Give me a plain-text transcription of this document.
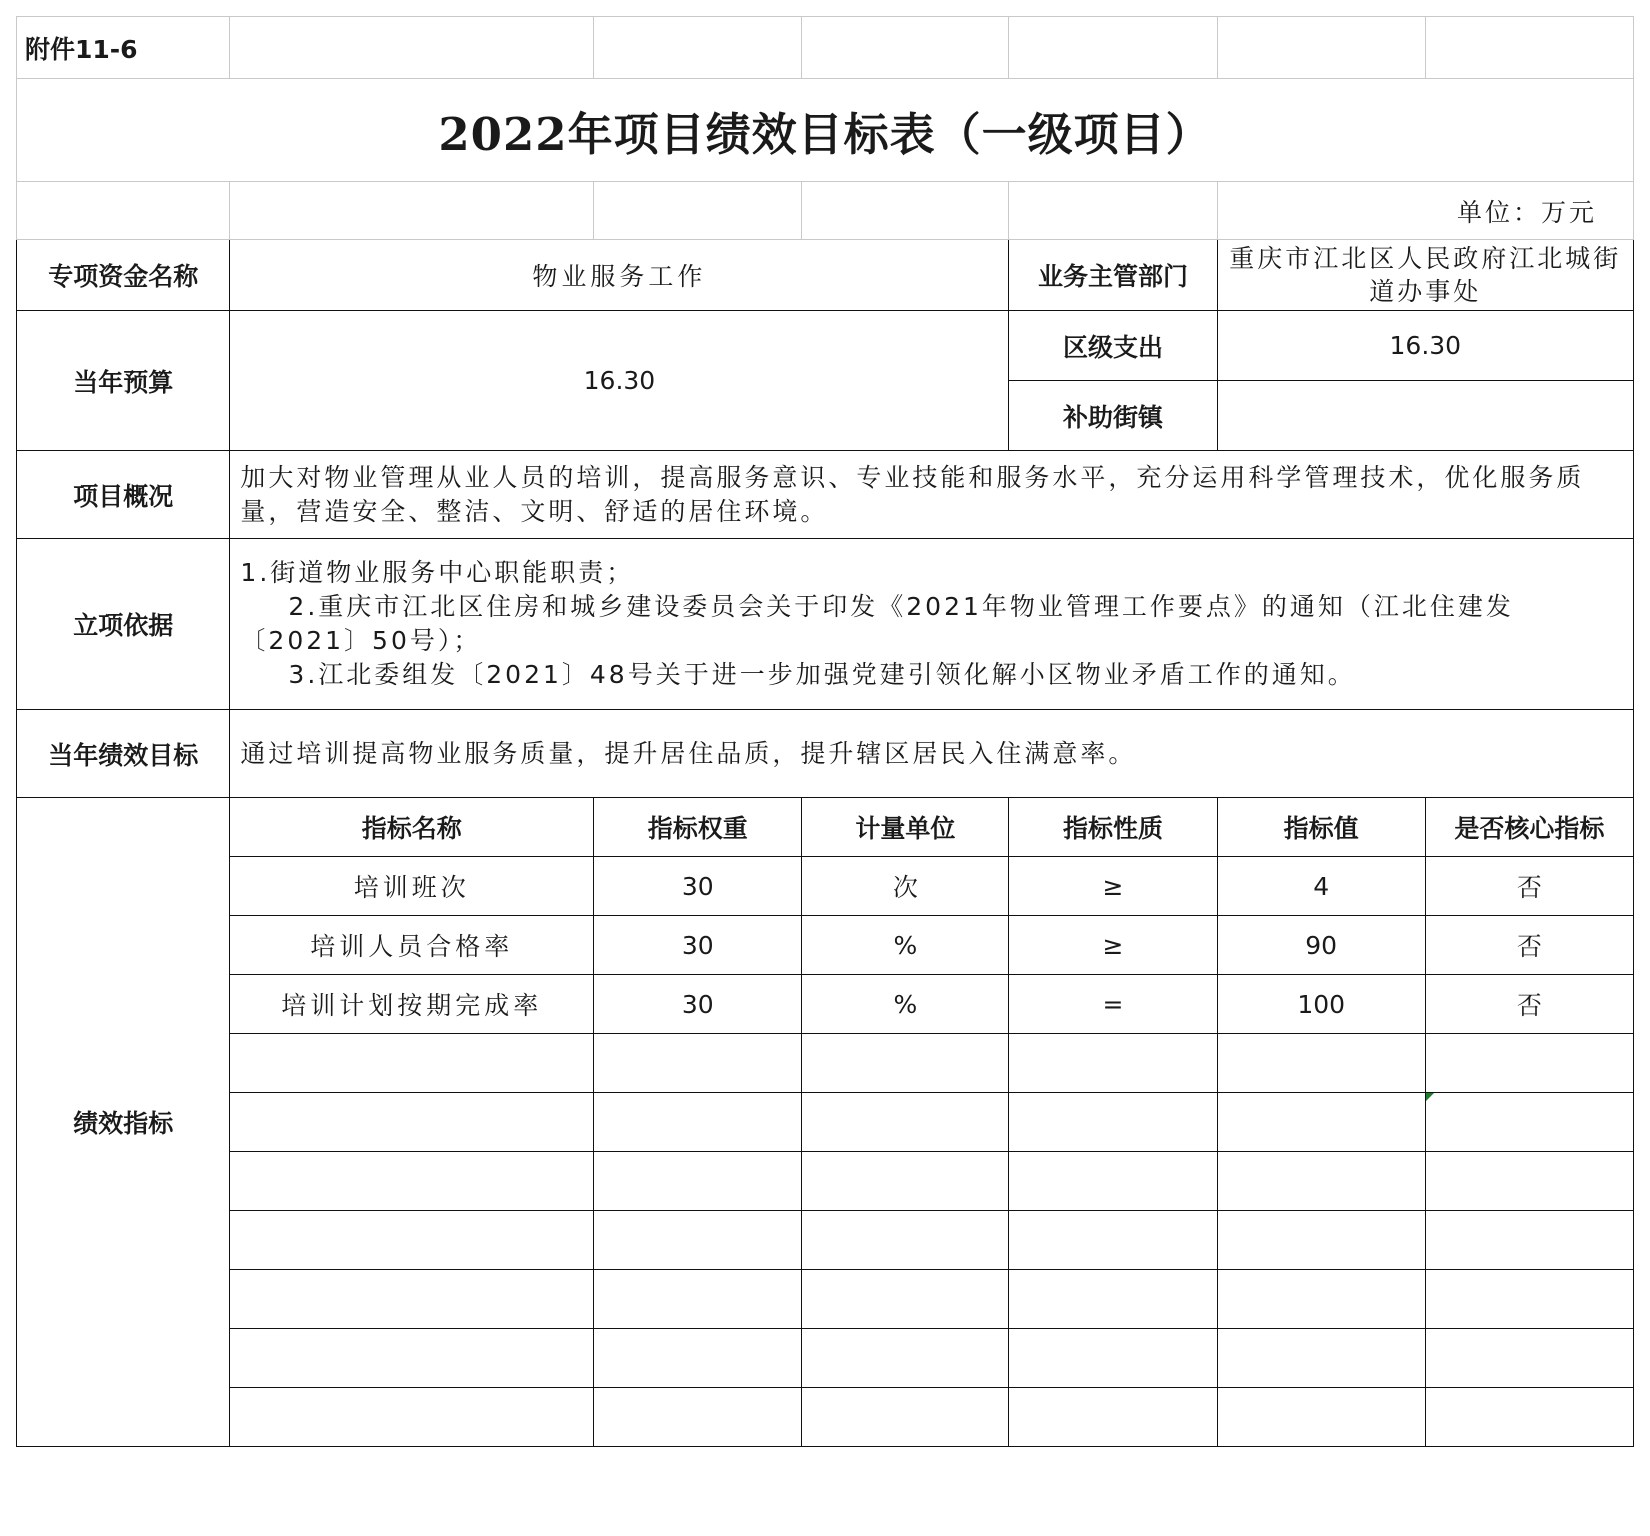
附件11-6						
2022年项目绩效目标表（一级项目）						
					单位：万元	
专项资金名称	物业服务工作			业务主管部门	重庆市江北区人民政府江北城街道办事处	
当年预算	16.30			区级支出	16.30	
				补助街镇		
项目概况	加大对物业管理从业人员的培训，提高服务意识、专业技能和服务水平，充分运用科学管理技术，优化服务质量，营造安全、整洁、文明、舒适的居住环境。					
立项依据	1.街道物业服务中心职能职责；
2.重庆市江北区住房和城乡建设委员会关于印发《2021年物业管理工作要点》的通知（江北住建发〔2021〕50号）；
3.江北委组发〔2021〕48号关于进一步加强党建引领化解小区物业矛盾工作的通知。					

当年绩效目标	通过培训提高物业服务质量，提升居住品质，提升辖区居民入住满意率。					
绩效指标	指标名称	指标权重	计量单位	指标性质	指标值	是否核心指标
	培训班次	30	次	≥	4	否
	培训人员合格率	30	%	≥	90	否
	培训计划按期完成率	30	%	=	100	否
